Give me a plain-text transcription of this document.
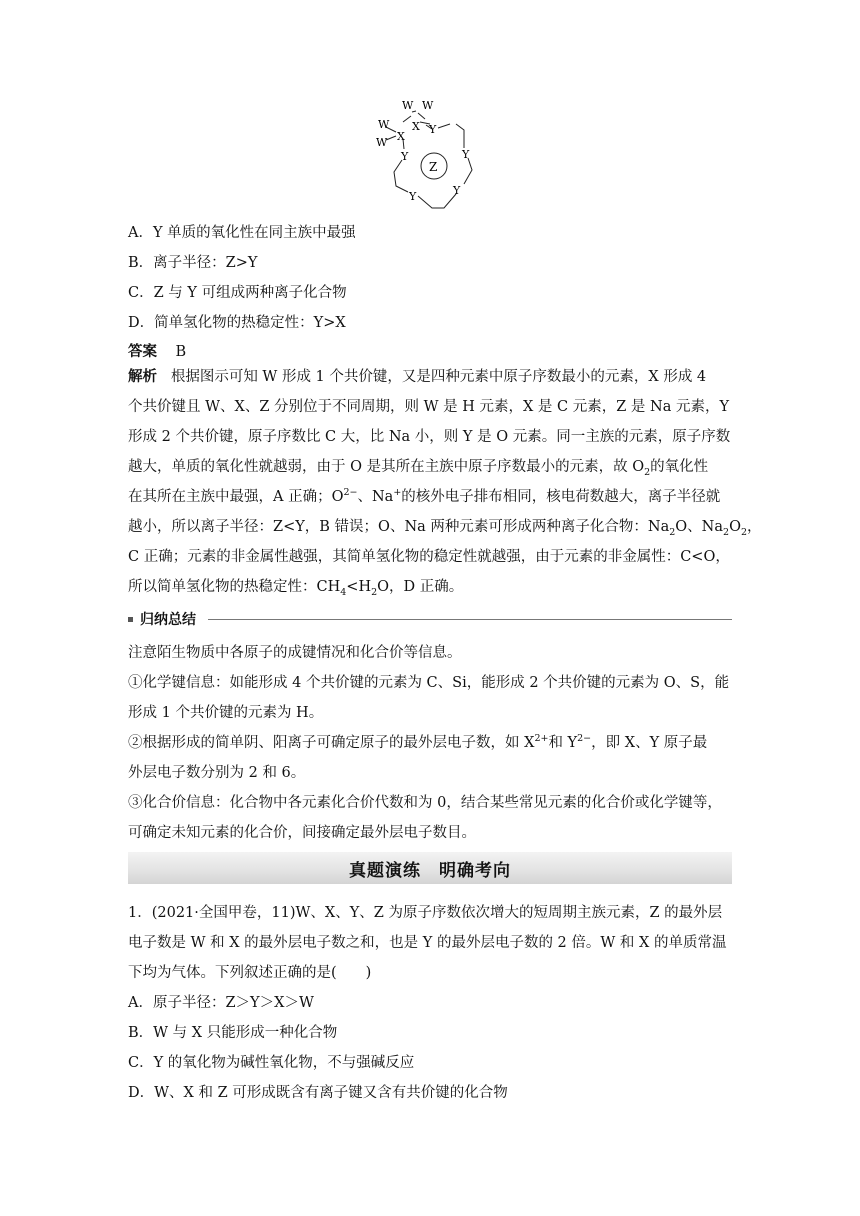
W W
W
W
X
X
Y
Y	Y
Y
Y
Z
A．Y 单质的氧化性在同主族中最强
B．离子半径：Z>Y
C．Z 与 Y 可组成两种离子化合物
D．简单氢化物的热稳定性：Y>X
答案 B
解析 根据图示可知 W 形成 1 个共价键，又是四种元素中原子序数最小的元素，X 形成 4
个共价键且 W、X、Z 分别位于不同周期，则 W 是 H 元素，X 是 C 元素，Z 是 Na 元素，Y
形成 2 个共价键，原子序数比 C 大，比 Na 小，则 Y 是 O 元素。同一主族的元素，原子序数
越大，单质的氧化性就越弱，由于 O 是其所在主族中原子序数最小的元素，故 $O_2$的氧化性
在其所在主族中最强，A 正确；$O^{2-}$、Na+的核外电子排布相同，核电荷数越大，离子半径就
越小，所以离子半径：Z<Y，B 错误；O、Na 两种元素可形成两种离子化合物：$Na_2O$、$Na_2O_2$，
C 正确；元素的非金属性越强，其简单氢化物的稳定性就越强，由于元素的非金属性：C<O，
所以简单氢化物的热稳定性：$CH_4<H_2O$，D 正确。
归纳总结
注意陌生物质中各原子的成键情况和化合价等信息。
①化学键信息：如能形成 4 个共价键的元素为 C、Si，能形成 2 个共价键的元素为 O、S，能
形成 1 个共价键的元素为 H。
②根据形成的简单阴、阳离子可确定原子的最外层电子数，如 $X^{2+}$和 $Y^{2-}$，即 X、Y 原子最
外层电子数分别为 2 和 6。
③化合价信息：化合物中各元素化合价代数和为 0，结合某些常见元素的化合价或化学键等，
可确定未知元素的化合价，间接确定最外层电子数目。
真题演练　明确考向
1．(2021·全国甲卷，11)W、X、Y、Z 为原子序数依次增大的短周期主族元素，Z 的最外层
电子数是 W 和 X 的最外层电子数之和，也是 Y 的最外层电子数的 2 倍。W 和 X 的单质常温
下均为气体。下列叙述正确的是(　　)
A．原子半径：Z＞Y＞X＞W
B．W 与 X 只能形成一种化合物
C．Y 的氧化物为碱性氧化物，不与强碱反应
D．W、X 和 Z 可形成既含有离子键又含有共价键的化合物
